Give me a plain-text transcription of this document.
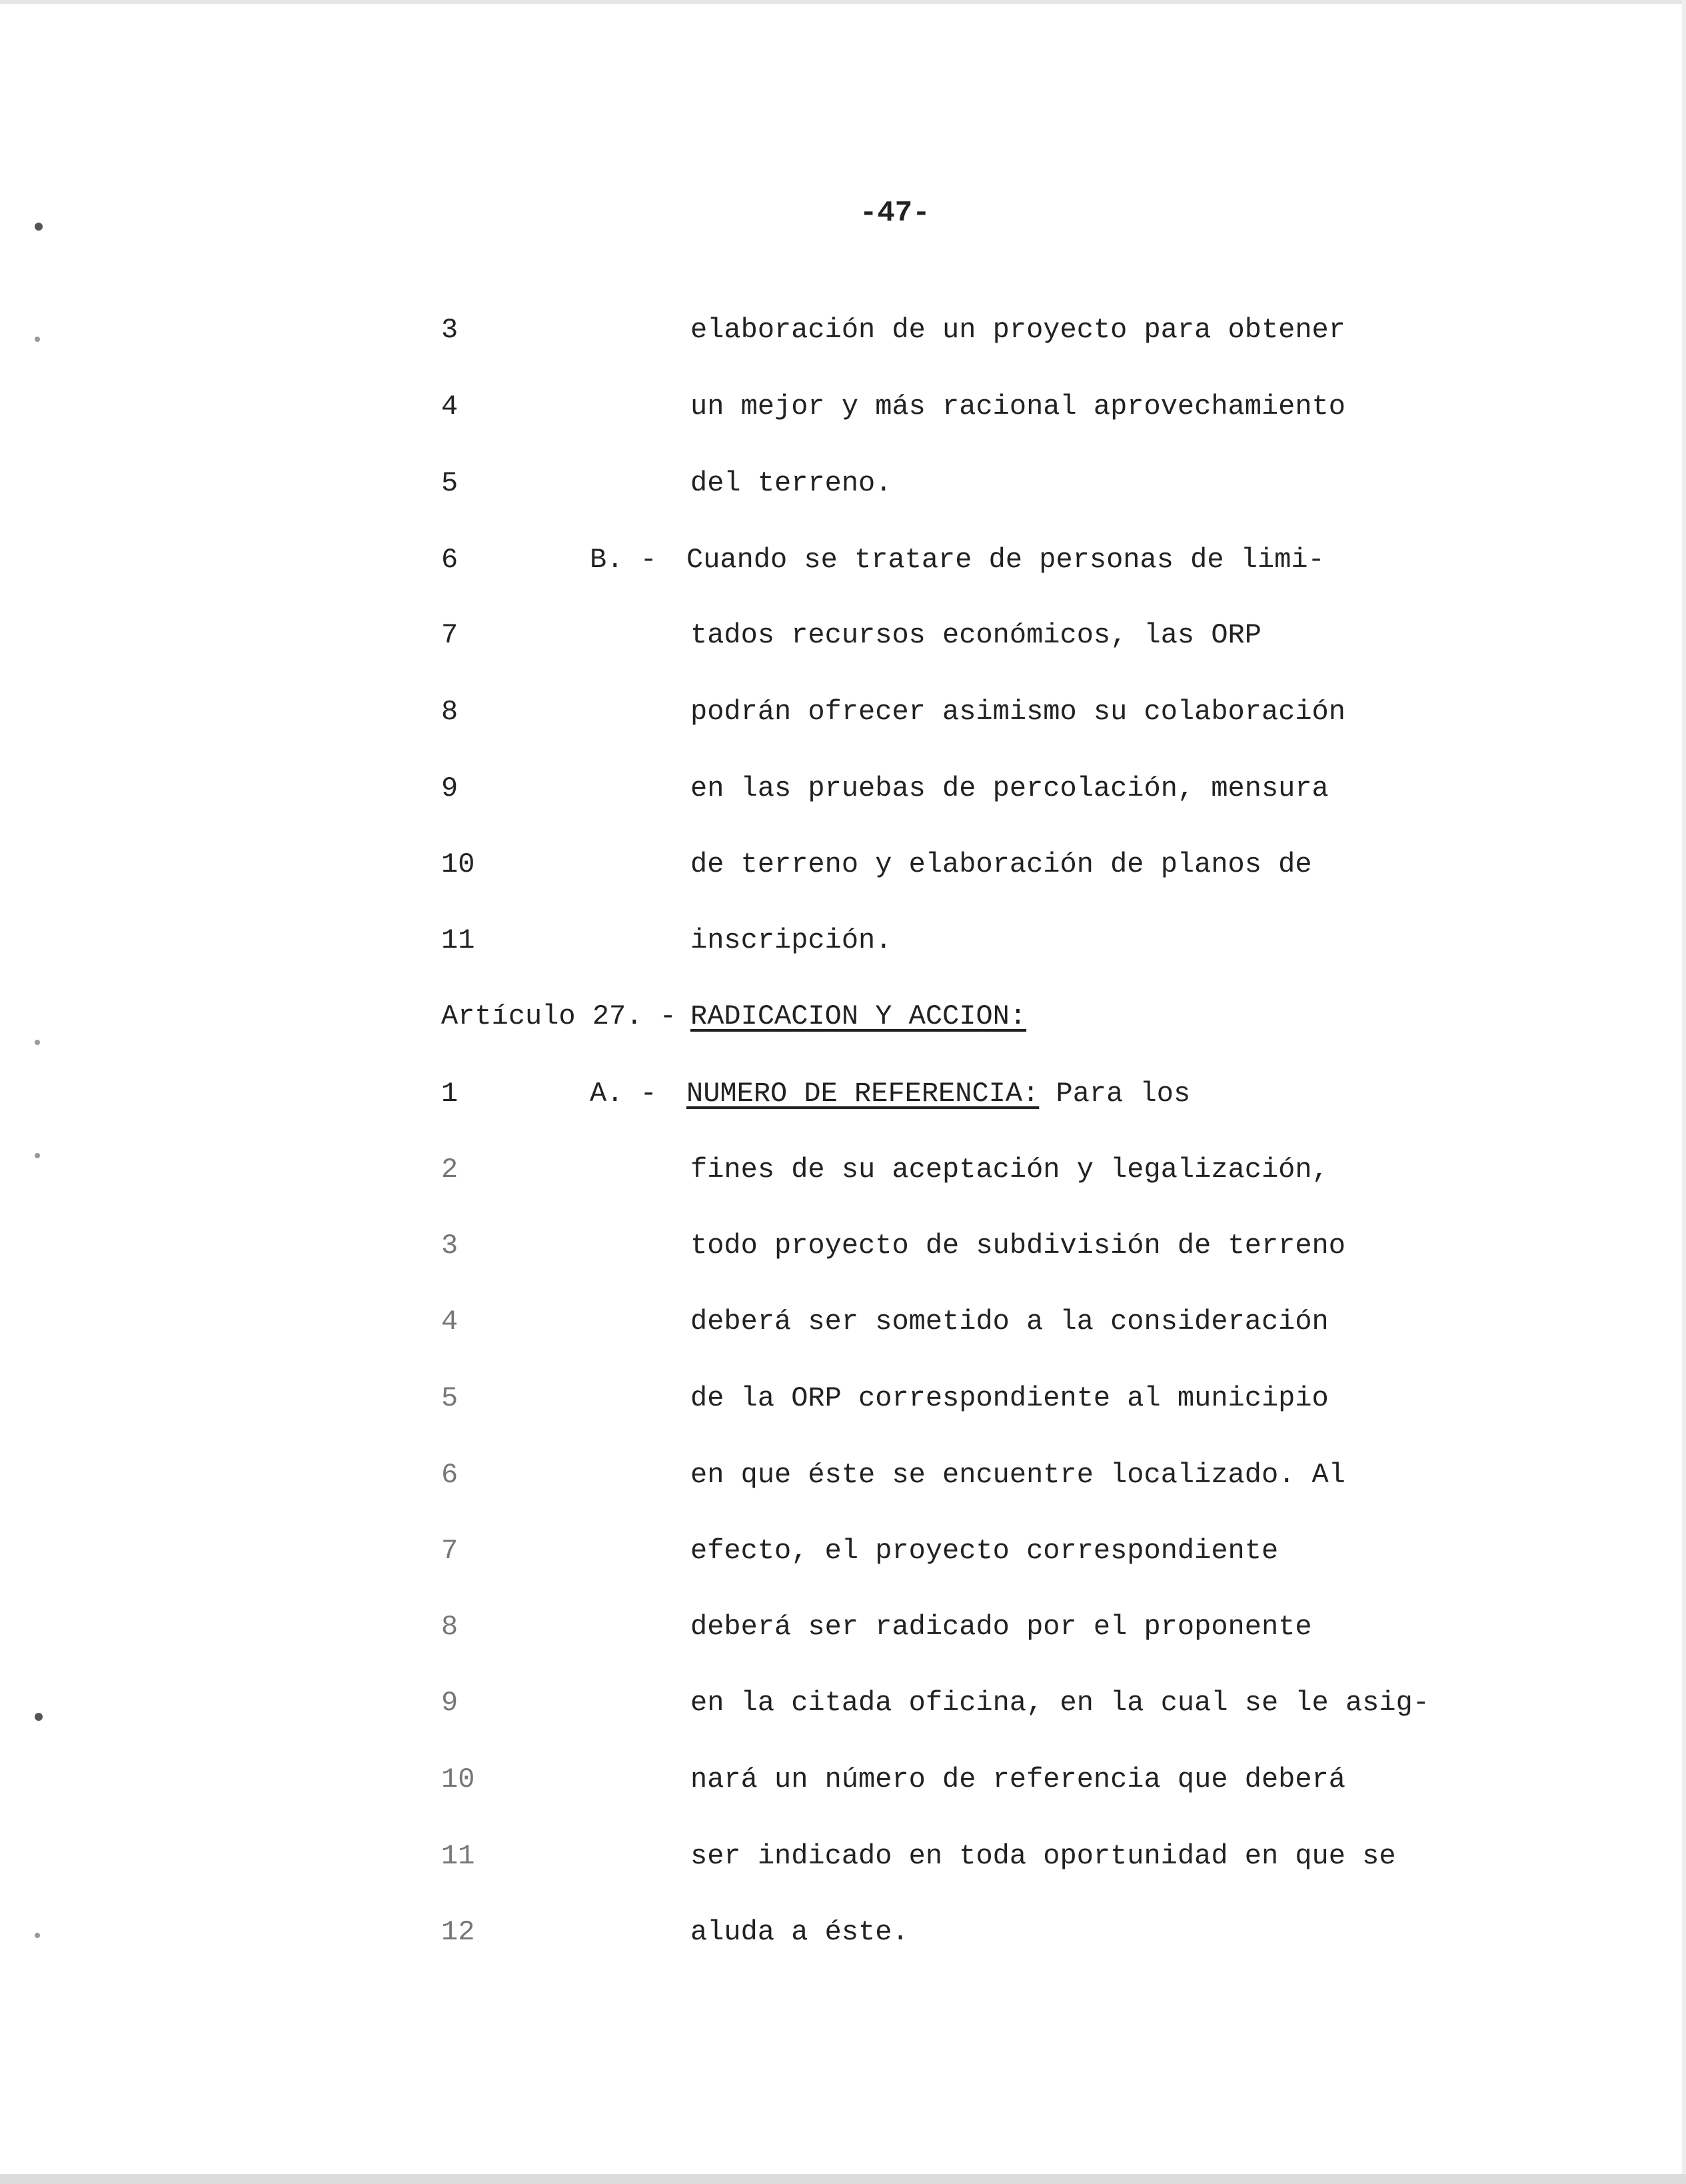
-47-
3	elaboración de un proyecto para obtener
4	un mejor y más racional aprovechamiento
5	del terreno.
6	B. - Cuando se tratare de personas de limi-
7	tados recursos económicos, las ORP
8	podrán ofrecer asimismo su colaboración
9	en las pruebas de percolación, mensura
10	de terreno y elaboración de planos de
11	inscripción.
Artículo 27. - RADICACION Y ACCION:
1	A. - NUMERO DE REFERENCIA: Para los
2	fines de su aceptación y legalización,
3	todo proyecto de subdivisión de terreno
4	deberá ser sometido a la consideración
5	de la ORP correspondiente al municipio
6	en que éste se encuentre localizado. Al
7	efecto, el proyecto correspondiente
8	deberá ser radicado por el proponente
9	en la citada oficina, en la cual se le asig-
10	nará un número de referencia que deberá
11	ser indicado en toda oportunidad en que se
12	aluda a éste.
